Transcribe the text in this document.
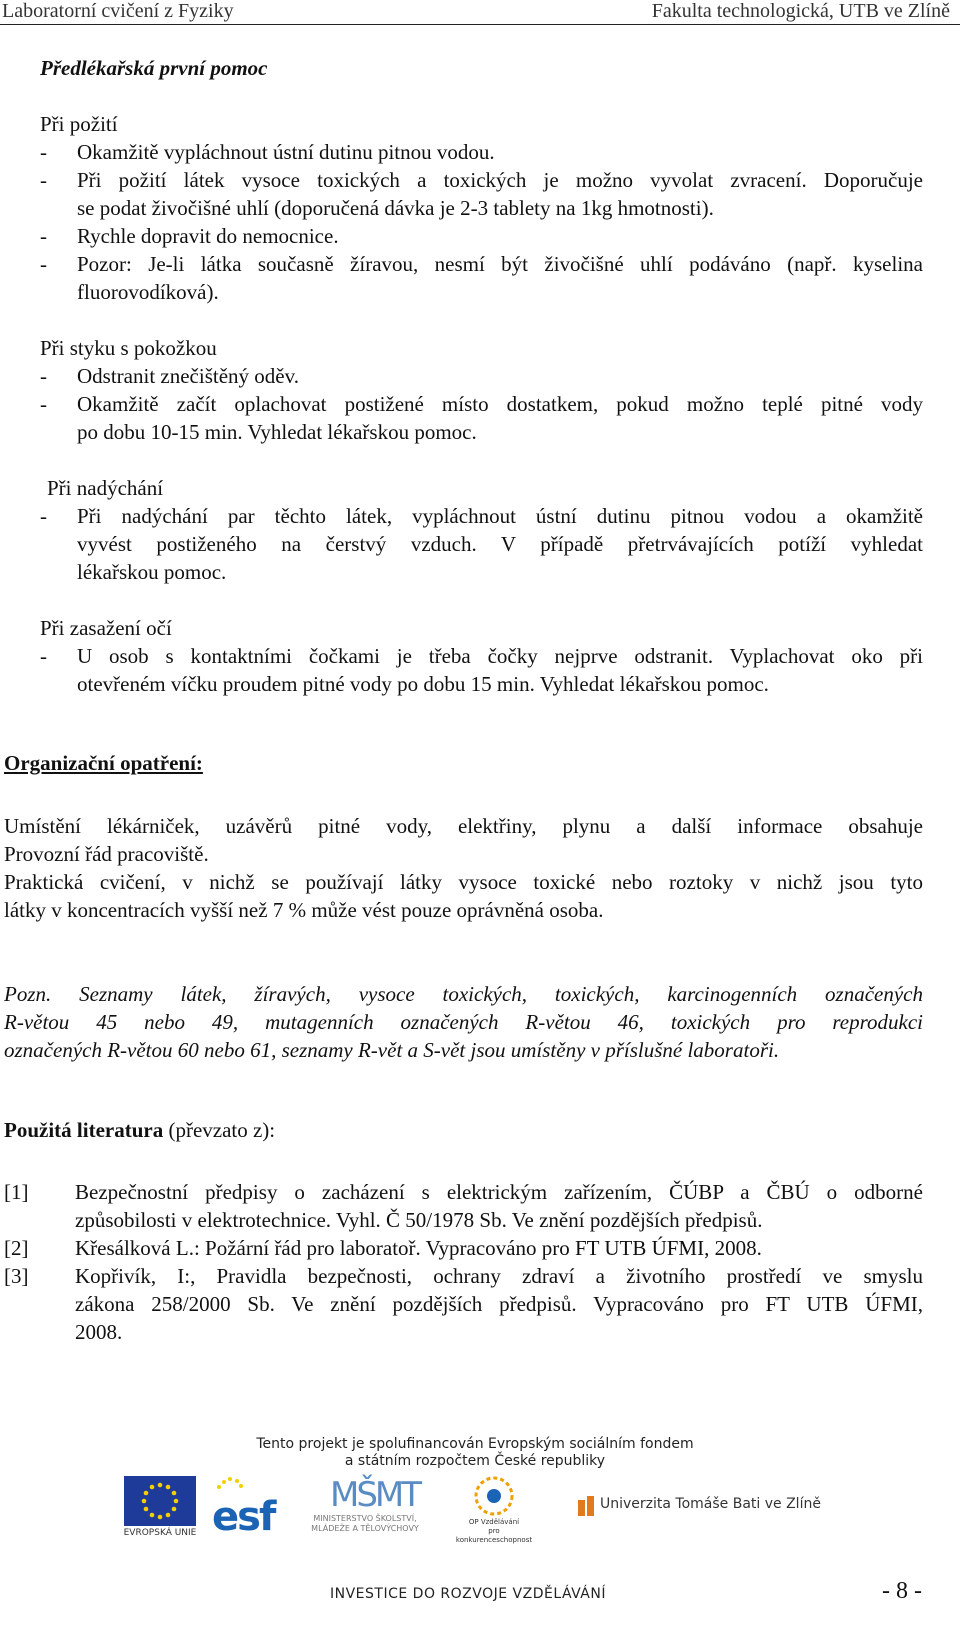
Laboratorní cvičení z Fyziky	Fakulta technologická, UTB ve Zlíně
Předlékařská první pomoc
Při požití
- Okamžitě vypláchnout ústní dutinu pitnou vodou.
- Při požití látek vysoce toxických a toxických je možno vyvolat zvracení. Doporučuje
se podat živočišné uhlí (doporučená dávka je 2-3 tablety na 1kg hmotnosti).
- Rychle dopravit do nemocnice.
- Pozor: Je-li látka současně žíravou, nesmí být živočišné uhlí podáváno (např. kyselina
fluorovodíková).
Při styku s pokožkou
- Odstranit znečištěný oděv.
- Okamžitě začít oplachovat postižené místo dostatkem, pokud možno teplé pitné vody
po dobu 10-15 min. Vyhledat lékařskou pomoc.
Při nadýchání
- Při nadýchání par těchto látek, vypláchnout ústní dutinu pitnou vodou a okamžitě
vyvést postiženého na čerstvý vzduch. V případě přetrvávajících potíží vyhledat
lékařskou pomoc.
Při zasažení očí
- U osob s kontaktními čočkami je třeba čočky nejprve odstranit. Vyplachovat oko při
otevřeném víčku proudem pitné vody po dobu 15 min. Vyhledat lékařskou pomoc.
Organizační opatření:
Umístění lékárniček, uzávěrů pitné vody, elektřiny, plynu a další informace obsahuje
Provozní řád pracoviště.
Praktická cvičení, v nichž se používají látky vysoce toxické nebo roztoky v nichž jsou tyto
látky v koncentracích vyšší než 7 % může vést pouze oprávněná osoba.
Pozn. Seznamy látek, žíravých, vysoce toxických, toxických, karcinogenních označených
R-větou 45 nebo 49, mutagenních označených R-větou 46, toxických pro reprodukci
označených R-větou 60 nebo 61, seznamy R-vět a S-vět jsou umístěny v příslušné laboratoři.
Použitá literatura (převzato z):
[1] Bezpečnostní předpisy o zacházení s elektrickým zařízením, ČÚBP a ČBÚ o odborné
způsobilosti v elektrotechnice. Vyhl. Č 50/1978 Sb. Ve znění pozdějších předpisů.
[2] Křesálková L.: Požární řád pro laboratoř. Vypracováno pro FT UTB ÚFMI, 2008.
[3] Kopřivík, I:, Pravidla bezpečnosti, ochrany zdraví a životního prostředí ve smyslu
zákona 258/2000 Sb. Ve znění pozdějších předpisů. Vypracováno pro FT UTB ÚFMI,
2008.
Tento projekt je spolufinancován Evropským sociálním fondem
a státním rozpočtem České republiky
EVROPSKÁ UNIE esf MŠMT
MINISTERSTVO ŠKOLSTVÍ,
MLÁDEŽE A TĚLOVÝCHOVY
OP Vzdělávání
pro konkurenceschopnost
Univerzita Tomáše Bati ve Zlíně
INVESTICE DO ROZVOJE VZDĚLÁVÁNÍ	- 8 -
